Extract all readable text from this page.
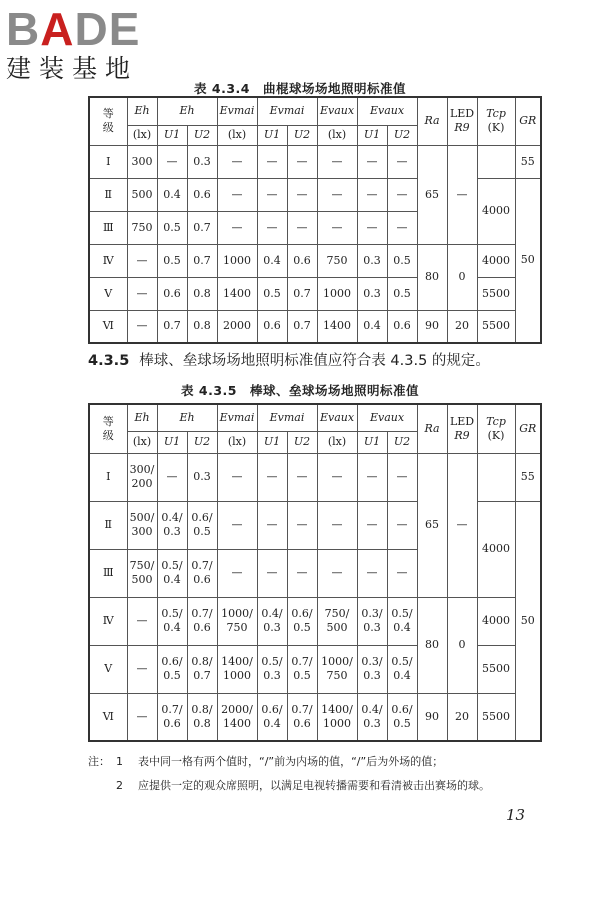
BADE
建装基地
表 4.3.4　曲棍球场场地照明标准值
等
级	Eh	Eh		Evmai	Evmai		Evaux	Evaux		Ra	LED
R9	Tcp
(K)	GR
	(lx)	U1	U2	(lx)	U1	U2	(lx)	U1	U2				
Ⅰ	300	—	0.3	—	—	—	—	—	—	65	—		55
Ⅱ	500	0.4	0.6	—	—	—	—	—	—			4000	50
Ⅲ	750	0.5	0.7	—	—	—	—	—	—				
Ⅳ	—	0.5	0.7	1000	0.4	0.6	750	0.3	0.5	80	0	4000	
Ⅴ	—	0.6	0.8	1400	0.5	0.7	1000	0.3	0.5			5500	
Ⅵ	—	0.7	0.8	2000	0.6	0.7	1400	0.4	0.6	90	20	5500	
4.3.5 棒球、垒球场场地照明标准值应符合表 4.3.5 的规定。
表 4.3.5　棒球、垒球场场地照明标准值
等
级	Eh	Eh		Evmai	Evmai		Evaux	Evaux		Ra	LED
R9	Tcp
(K)	GR
	(lx)	U1	U2	(lx)	U1	U2	(lx)	U1	U2				
Ⅰ	300/
200	—	0.3	—	—	—	—	—	—	65	—		55
Ⅱ	500/
300	0.4/
0.3	0.6/
0.5	—	—	—	—	—	—			4000	50
Ⅲ	750/
500	0.5/
0.4	0.7/
0.6	—	—	—	—	—	—				

Ⅳ	—	0.5/
0.4	0.7/
0.6	1000/
750	0.4/
0.3	0.6/
0.5	750/
500	0.3/
0.3	0.5/
0.4	80	0	4000	
Ⅴ	—	0.6/
0.5	0.8/
0.7	1400/
1000	0.5/
0.3	0.7/
0.5	1000/
750	0.3/
0.3	0.5/
0.4			5500	
Ⅵ	—	0.7/
0.6	0.8/
0.8	2000/
1400	0.6/
0.4	0.7/
0.6	1400/
1000	0.4/
0.3	0.6/
0.5	90	20	5500	
注： 1 表中同一格有两个值时，“/”前为内场的值，“/”后为外场的值；
2 应提供一定的观众席照明，以满足电视转播需要和看清被击出赛场的球。
13
